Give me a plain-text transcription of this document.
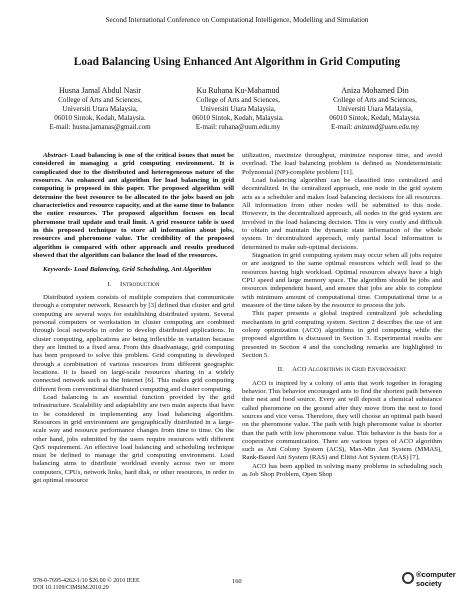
Second International Conference on Computational Intelligence, Modelling and Simulation
Load Balancing Using Enhanced Ant Algorithm in Grid Computing
Husna Jamal Abdul Nasir
College of Arts and Sciences,
Universiti Utara Malaysia,
06010 Sintok, Kedah, Malaysia.
E-mail: husna.jamanas@gmail.com
Ku Ruhana Ku-Mahamud
College of Arts and Sciences,
Universiti Utara Malaysia,
06010 Sintok, Kedah, Malaysia.
E-mail: ruhana@uum.edu.my
Aniza Mohamed Din
College of Arts and Sciences,
Universiti Utara Malaysia,
06010 Sintok, Kedah, Malaysia.
E-mail: anizamd@uum.edu.my

Abstract- Load balancing is one of the critical issues that must be considered in managing a grid computing environment. It is complicated due to the distributed and heterogeneous nature of the resources. An enhanced ant algorithm for load balancing in grid computing is proposed in this paper. The proposed algorithm will determine the best resource to be allocated to the jobs based on job characteristics and resource capacity, and at the same time to balance the entire resources. The proposed algorithm focuses on local pheromone trail update and trail limit. A grid resource table is used in this proposed technique to store all information about jobs, resources and pheromone value. The credibility of the proposed algorithm is compared with other approach and results produced showed that the algorithm can balance the load of the resources.

Keywords- Load Balancing, Grid Scheduling, Ant Algorithm

I.  Introduction

Distributed system consists of multiple computers that communicate through a computer network. Research by [3] defined that cluster and grid computing are several ways for establishing distributed system. Several personal computers or workstation in cluster computing are combined through local networks in order to develop distributed applications. In cluster computing, applications are being inflexible in variation because they are limited to a fixed area. From this disadvantage, grid computing has been proposed to solve this problem. Grid computing is developed through a combination of various resources from different geographic locations. It is based on large-scale resources sharing in a widely connected network such as the Internet [6]. This makes grid computing different from conventional distributed computing and cluster computing.

Load balancing is an essential function provided by the grid infrastructure. Scalability and adaptability are two main aspects that have to be considered in implementing any load balancing algorithm. Resources in grid environment are geographically distributed in a large-scale way and resource performance changes from time to time. On the other hand, jobs submitted by the users require resources with different QoS requirement. An effective load balancing and scheduling technique must be defined to manage the grid computing environment. Load balancing aims to distribute workload evenly across two or more computers, CPUs, network links, hard disk, or other resources, in order to get optimal resource

utilization, maximize throughput, minimize response time, and avoid overload. The load balancing problem is defined as Nondeterministic Polynomial (NP)-complete problem [11].

Load balancing algorithm can be classified into centralized and decentralized. In the centralized approach, one node in the grid system acts as a scheduler and makes load balancing decisions for all resources. All information from other nodes will be submitted to this node. However, in the decentralized approach, all nodes in the grid system are involved in the load balancing decision. This is very costly and difficult to obtain and maintain the dynamic state information of the whole system. In decentralized approach, only partial local information is determined to make sub-optimal decisions.

Stagnation in grid computing system may occur when all jobs require or are assigned to the same optimal resources which will lead to the resources having high workload. Optimal resources always have a high CPU speed and large memory space. The algorithm should be jobs and resources independent based, and ensure that jobs are able to complete with minimum amount of computational time. Computational time is a measure of the time taken by the resource to process the job.

This paper presents a global inspired centralized job scheduling mechanism in grid computing system. Section 2 describes the use of ant colony optimization (ACO) algorithms in grid computing while the proposed algorithm is discussed in Section 3. Experimental results are presented in Section 4 and the concluding remarks are highlighted in Section 5.

II.  ACO Algorithms in Grid Environment

ACO is inspired by a colony of ants that work together in foraging behavior. This behavior encouraged ants to find the shortest path between their nest and food source. Every ant will deposit a chemical substance called pheromone on the ground after they move from the nest to food sources and vice versa. Therefore, they will choose an optimal path based on the pheromone value. The path with high pheromone value is shorter than the path with low pheromone value. This behavior is the basis for a cooperative communication. There are various types of ACO algorithm such as Ant Colony System (ACS), Max-Min Ant System (MMAS), Rank-Based Ant System (RAS) and Elitist Ant System (EAS) [7].

ACO has been applied in solving many problems in scheduling such as Job Shop Problem, Open Shop

978-0-7695-4262-1/10 $26.00 © 2010 IEEE
DOI 10.1109/CIMSiM.2010.29
160
®computer
society
